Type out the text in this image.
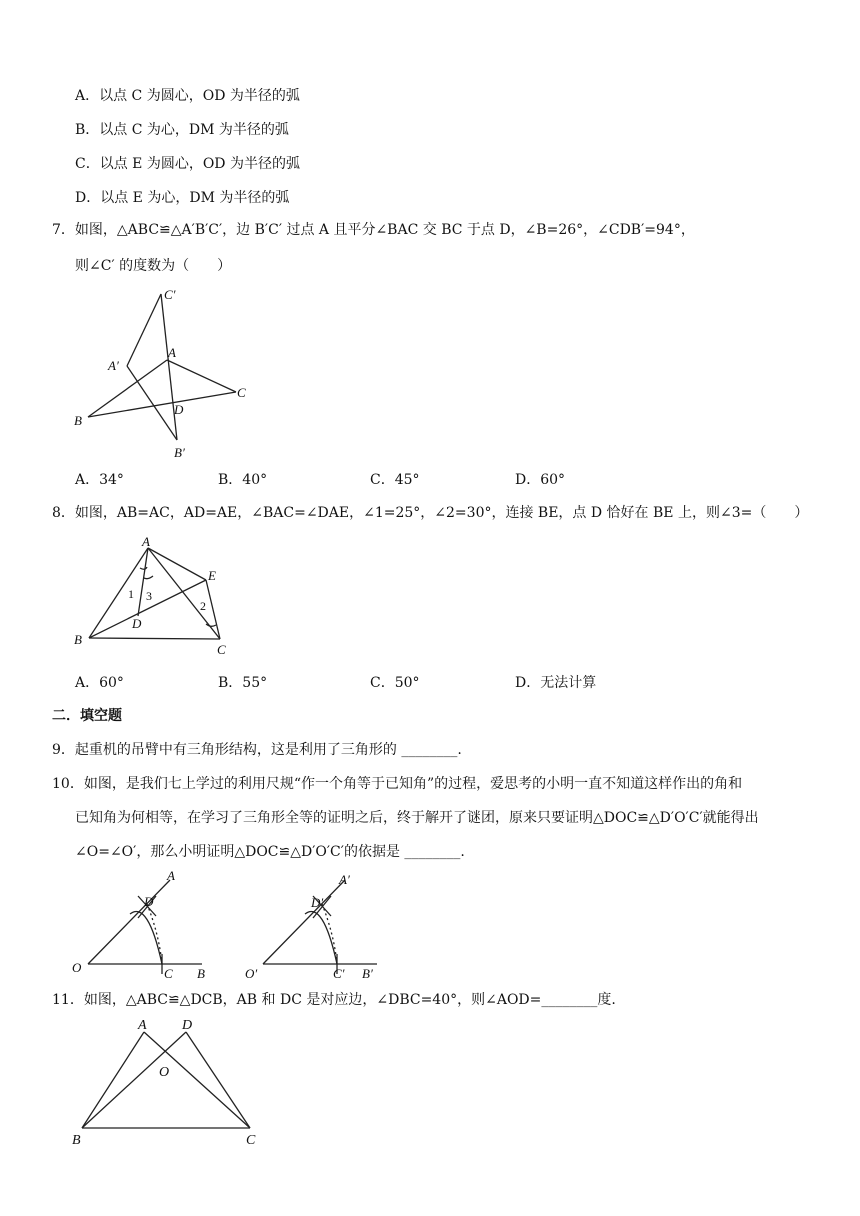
A．以点 C 为圆心，OD 为半径的弧
B．以点 C 为心，DM 为半径的弧
C．以点 E 为圆心，OD 为半径的弧
D．以点 E 为心，DM 为半径的弧
7．如图，△ABC≌△A′B′C′，边 B′C′ 过点 A 且平分∠BAC 交 BC 于点 D，∠B=26°，∠CDB′=94°，
则∠C′ 的度数为（　　）
C′
A′
A
C
D
B
B′
A．34°	B．40°	C．45°	D．60°
8．如图，AB=AC，AD=AE，∠BAC=∠DAE，∠1=25°，∠2=30°，连接 BE，点 D 恰好在 BE 上，则∠3=（　　）
A
E
B
D
C
1 3
2
A．60°	B．55°	C．50°	D．无法计算
二．填空题
9．起重机的吊臂中有三角形结构，这是利用了三角形的 ________.
10．如图，是我们七上学过的利用尺规“作一个角等于已知角”的过程，爱思考的小明一直不知道这样作出的角和
已知角为何相等，在学习了三角形全等的证明之后，终于解开了谜团，原来只要证明△DOC≌△D′O′C′就能得出
∠O=∠O′，那么小明证明△DOC≌△D′O′C′的依据是 ________.
A
D
O	C B
A′
D′
O′	C′ B′
11．如图，△ABC≌△DCB，AB 和 DC 是对应边，∠DBC=40°，则∠AOD=________度.
A	D
O
B	C
